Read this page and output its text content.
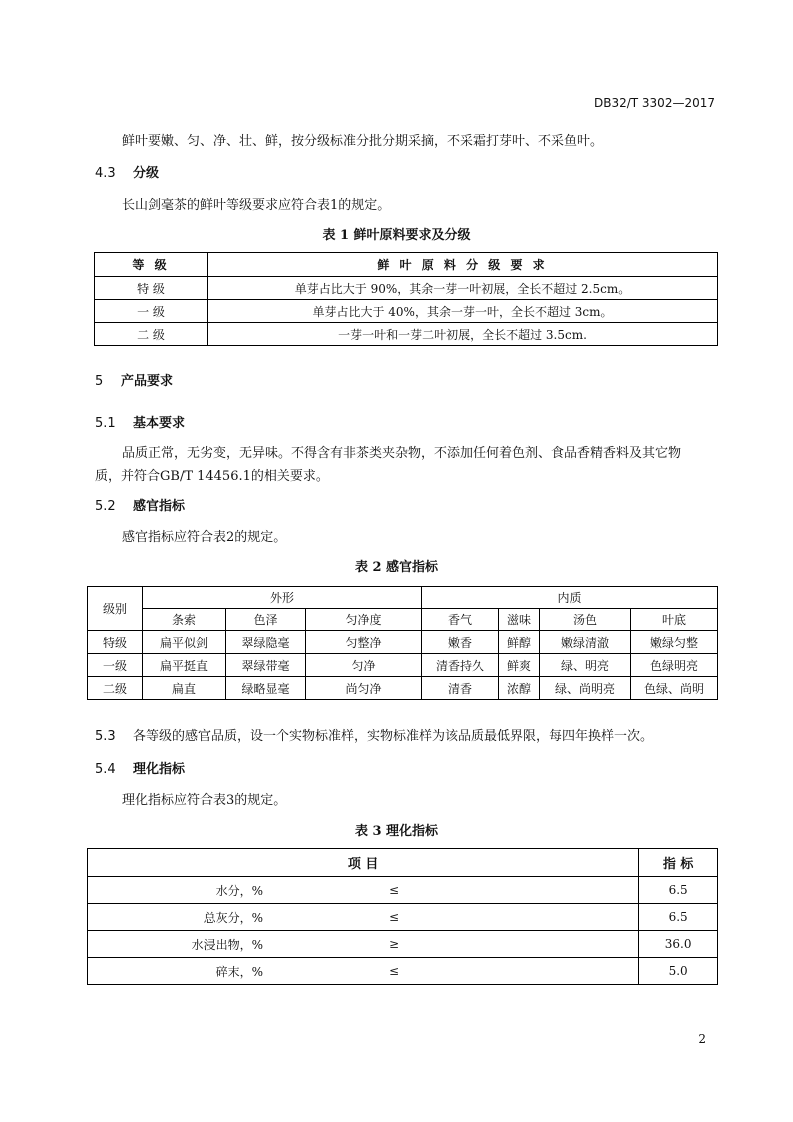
DB32/T 3302—2017
鲜叶要嫩、匀、净、壮、鲜，按分级标准分批分期采摘，不采霜打芽叶、不采鱼叶。
4.3 分级
长山剑毫茶的鲜叶等级要求应符合表1的规定。
表 1 鲜叶原料要求及分级
等 级	鲜 叶 原 料 分 级 要 求
特 级	单芽占比大于 90%，其余一芽一叶初展，全长不超过 2.5cm。
一 级	单芽占比大于 40%，其余一芽一叶，全长不超过 3cm。
二 级	一芽一叶和一芽二叶初展，全长不超过 3.5cm.
5 产品要求
5.1 基本要求
品质正常，无劣变，无异味。不得含有非茶类夹杂物，不添加任何着色剂、食品香精香料及其它物
质，并符合GB/T 14456.1的相关要求。
5.2 感官指标
感官指标应符合表2的规定。
表 2 感官指标
级别	外形			内质			
	条索	色泽	匀净度	香气	滋味	汤色	叶底
特级	扁平似剑	翠绿隐毫	匀整净	嫩香	鲜醇	嫩绿清澈	嫩绿匀整
一级	扁平挺直	翠绿带毫	匀净	清香持久	鲜爽	绿、明亮	色绿明亮
二级	扁直	绿略显毫	尚匀净	清香	浓醇	绿、尚明亮	色绿、尚明
5.3 各等级的感官品质，设一个实物标准样，实物标准样为该品质最低界限，每四年换样一次。
5.4 理化指标
理化指标应符合表3的规定。
表 3 理化指标
项 目		指 标
水分，%	≤	6.5
总灰分，%	≤	6.5
水浸出物，%	≥	36.0
碎末，%	≤	5.0
2
